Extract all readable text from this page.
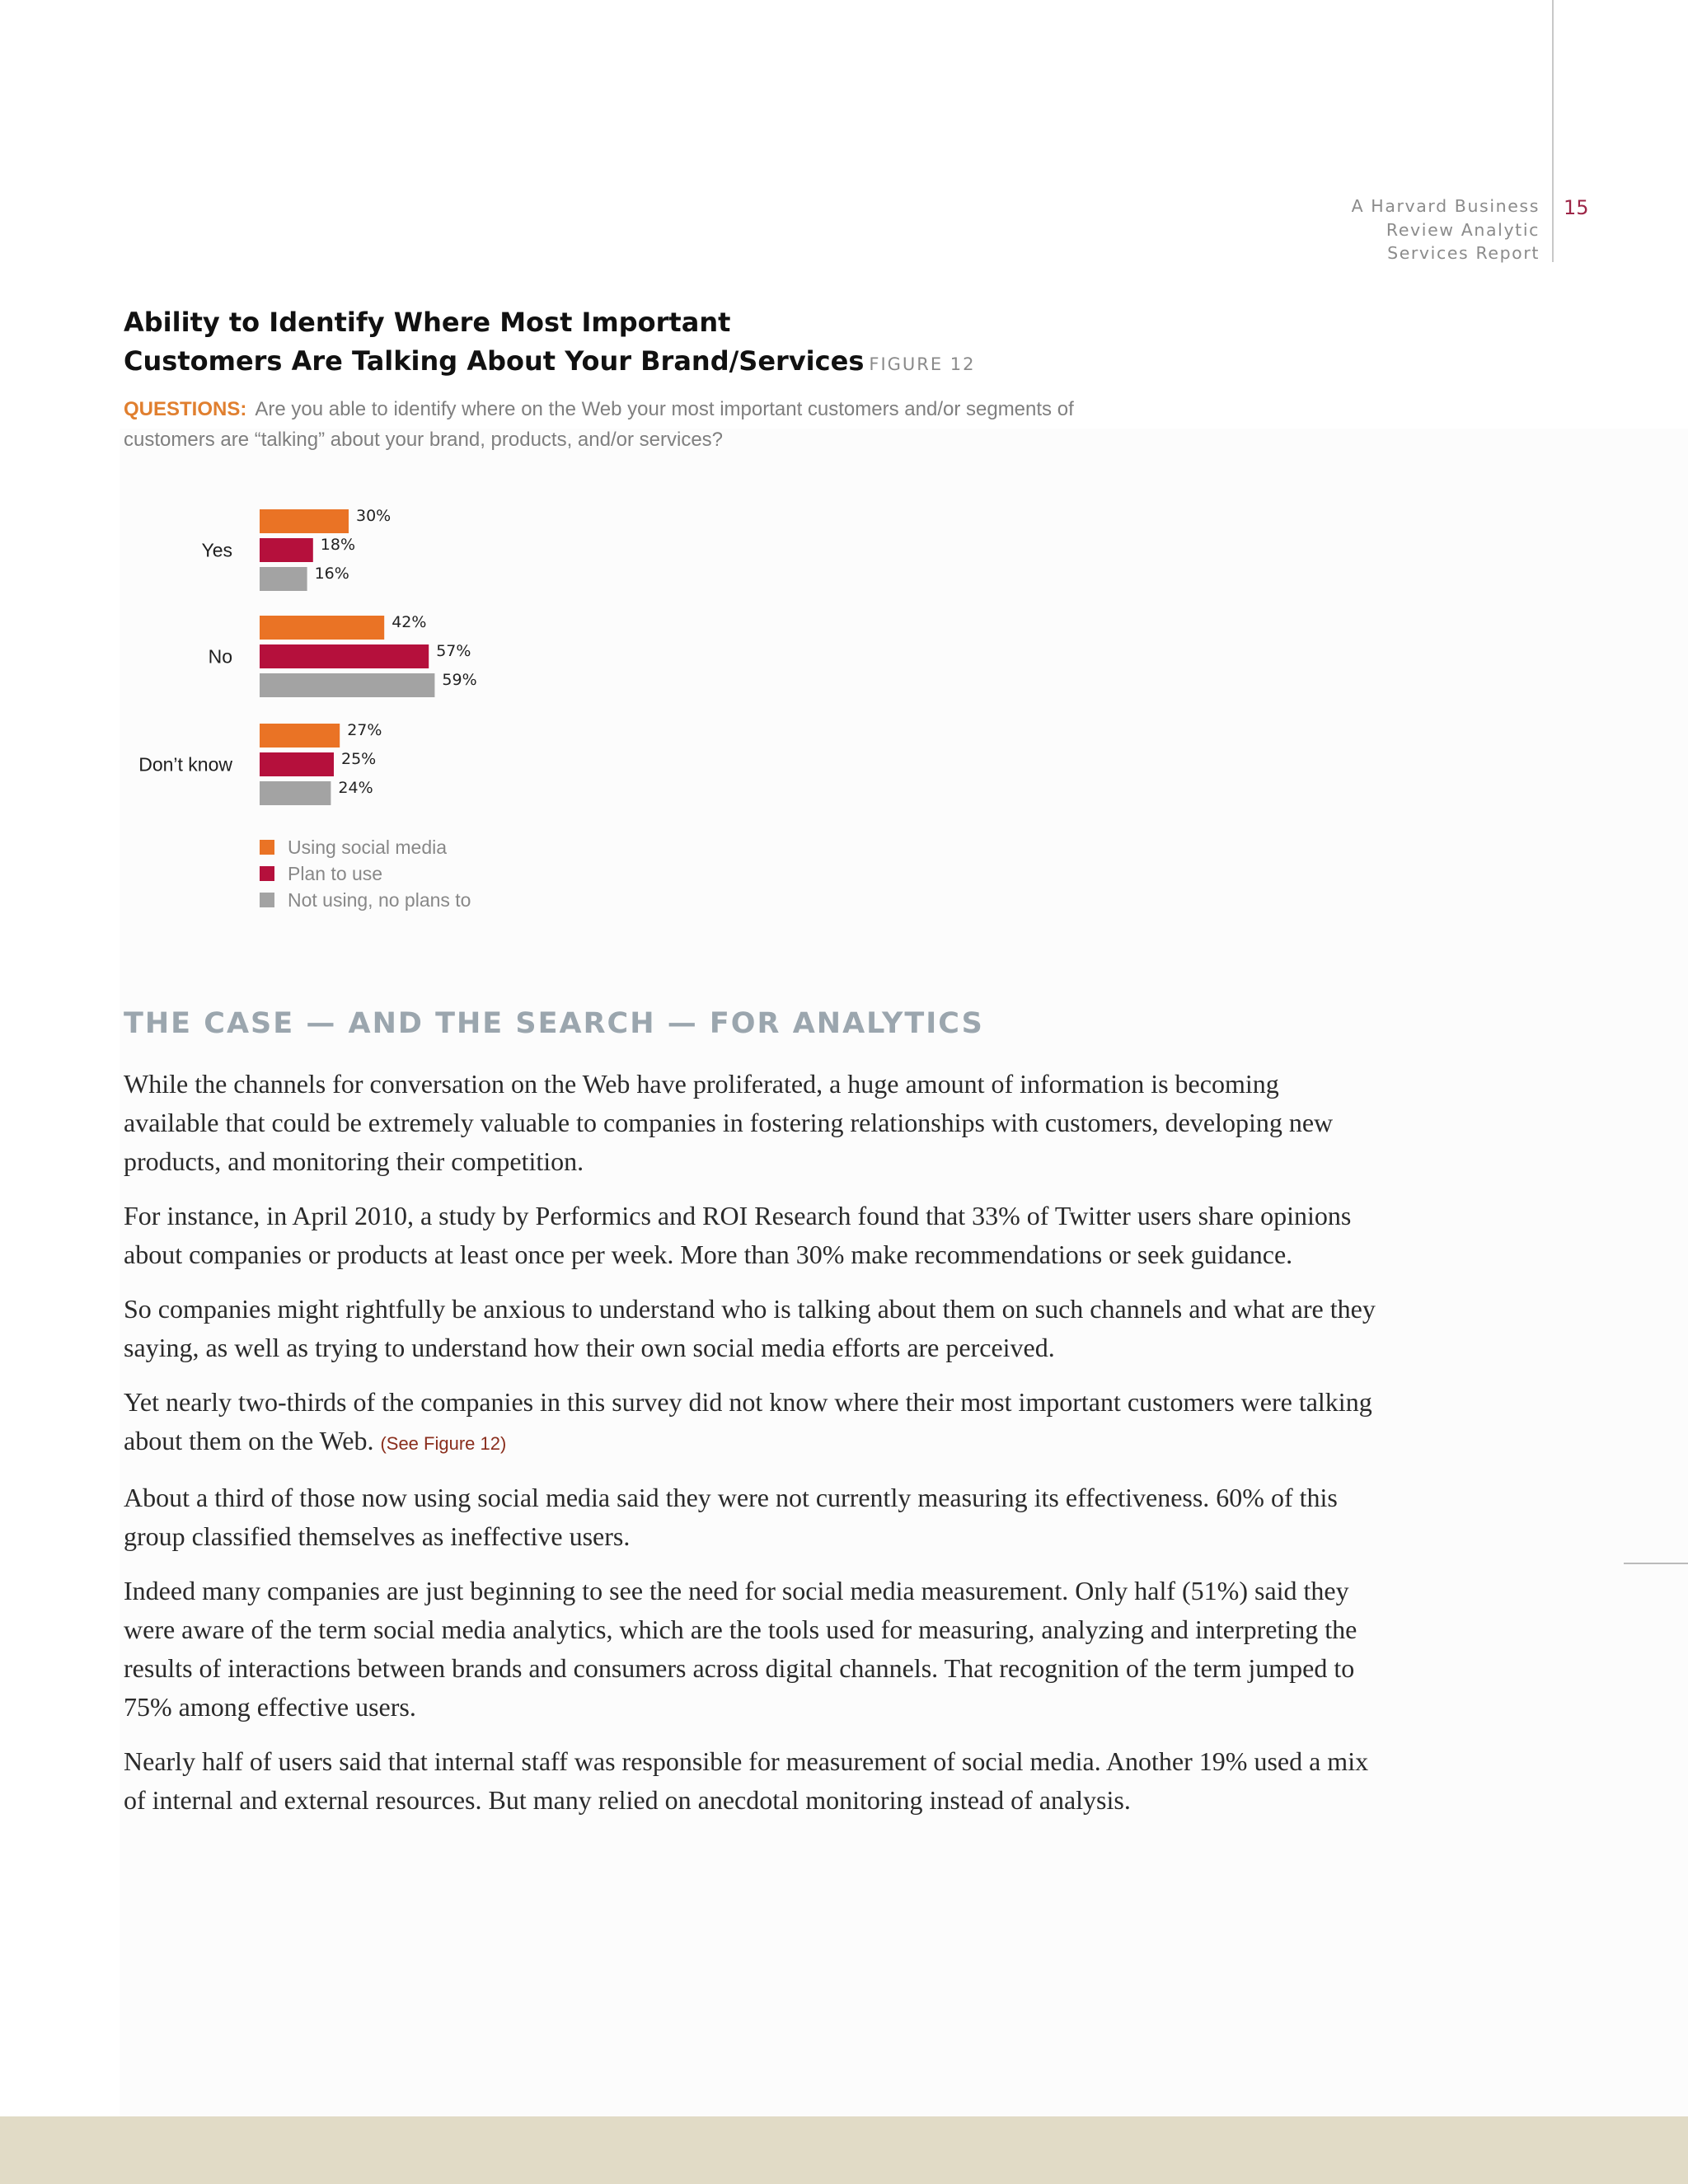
A Harvard Business
Review Analytic
Services Report
15
Ability to Identify Where Most Important
Customers Are Talking About Your Brand/Services FIGURE 12
QUESTIONS: Are you able to identify where on the Web your most important customers and/or segments of customers are “talking” about your brand, products, and/or services?
Yes
30%
18%
16%
No
42%
57%
59%
Don’t know
27%
25%
24%
Using social media
Plan to use
Not using, no plans to
THE CASE — AND THE SEARCH — FOR ANALYTICS

While the channels for conversation on the Web have proliferated, a huge amount of information is becoming available that could be extremely valuable to companies in fostering relationships with customers, developing new products, and monitoring their competition.

For instance, in April 2010, a study by Performics and ROI Research found that 33% of Twitter users share opinions about companies or products at least once per week. More than 30% make recommendations or seek guidance.

So companies might rightfully be anxious to understand who is talking about them on such channels and what are they saying, as well as trying to understand how their own social media efforts are perceived.

Yet nearly two-thirds of the companies in this survey did not know where their most important customers were talking about them on the Web. (See Figure 12)

About a third of those now using social media said they were not currently measuring its effectiveness. 60% of this group classified themselves as ineffective users.

Indeed many companies are just beginning to see the need for social media measurement. Only half (51%) said they were aware of the term social media analytics, which are the tools used for measuring, analyzing and interpreting the results of interactions between brands and consumers across digital channels. That recognition of the term jumped to 75% among effective users.

Nearly half of users said that internal staff was responsible for measurement of social media. Another 19% used a mix of internal and external resources. But many relied on anecdotal monitoring instead of analysis.
